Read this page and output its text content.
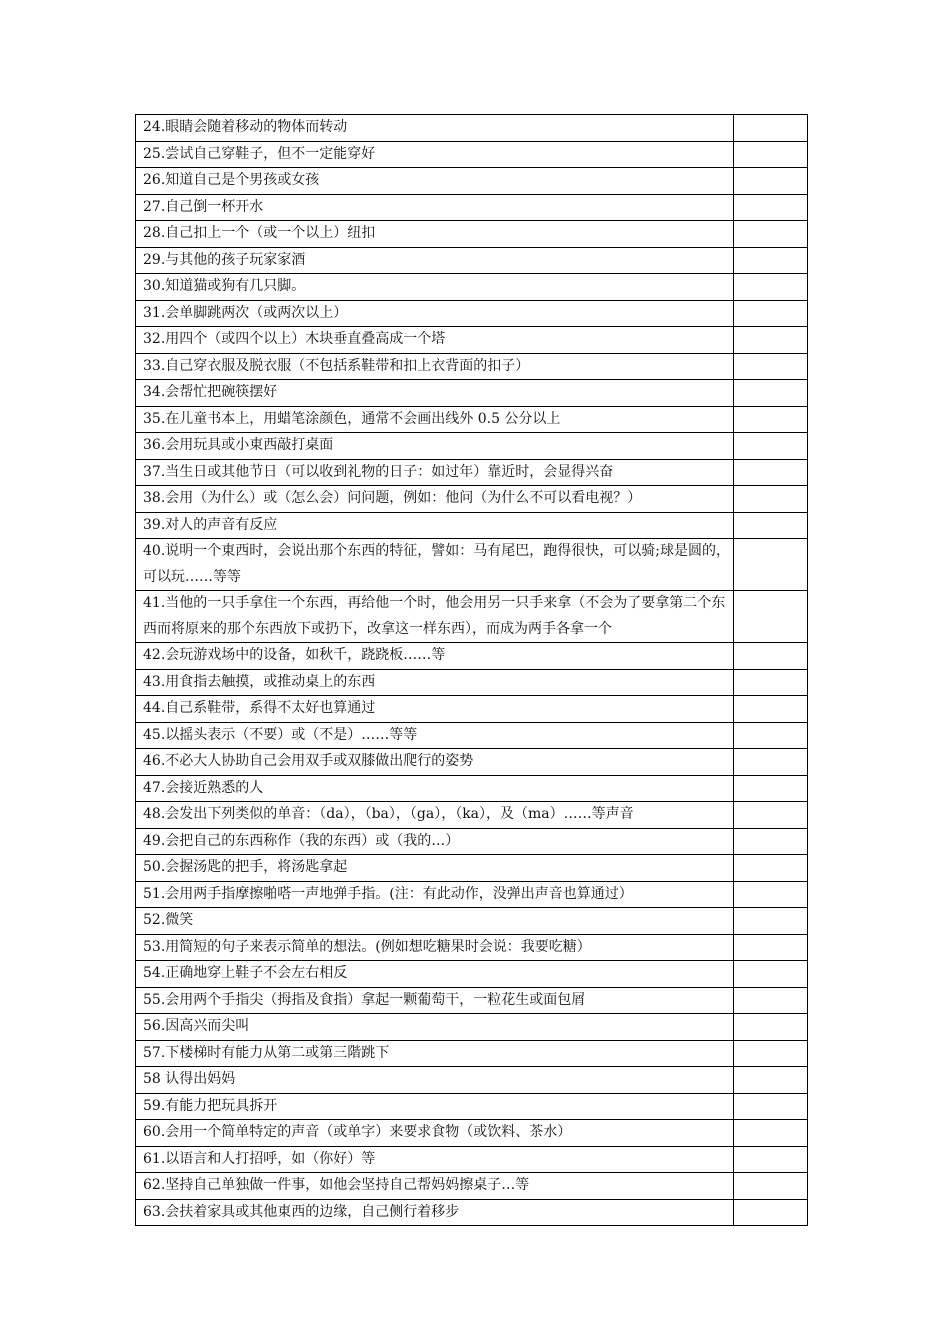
24.眼睛会随着移动的物体而转动	
25.尝试自己穿鞋子，但不一定能穿好	
26.知道自己是个男孩或女孩	
27.自己倒一杯开水	
28.自己扣上一个（或一个以上）纽扣	
29.与其他的孩子玩家家酒	
30.知道猫或狗有几只脚。	
31.会单脚跳两次（或两次以上）	
32.用四个（或四个以上）木块垂直叠高成一个塔	
33.自己穿衣服及脱衣服（不包括系鞋带和扣上衣背面的扣子）	
34.会帮忙把碗筷摆好	
35.在儿童书本上，用蜡笔涂颜色，通常不会画出线外 0.5 公分以上	
36.会用玩具或小東西敲打桌面	
37.当生日或其他节日（可以收到礼物的日子：如过年）靠近时，会显得兴奋	
38.会用（为什么）或（怎么会）问问题，例如：他问（为什么不可以看电视？）	
39.对人的声音有反应	
40.说明一个東西时，会说出那个东西的特征，譬如：马有尾巴，跑得很快，可以骑;球是圆的，可以玩……等等	
41.当他的一只手拿住一个东西，再给他一个时，他会用另一只手来拿（不会为了要拿第二个东西而将原来的那个东西放下或扔下，改拿这一样东西），而成为两手各拿一个	
42.会玩游戏场中的设备，如秋千，跷跷板……等	
43.用食指去触摸，或推动桌上的东西	
44.自己系鞋带，系得不太好也算通过	
45.以摇头表示（不要）或（不是）……等等	
46.不必大人协助自己会用双手或双膝做出爬行的姿势	
47.会接近熟悉的人	
48.会发出下列类似的单音：（da），（ba），（ga），（ka），及（ma）……等声音	
49.会把自己的东西称作（我的东西）或（我的…）	
50.会握汤匙的把手，将汤匙拿起	
51.会用两手指摩擦啪嗒一声地弹手指。(注：有此动作，没弹出声音也算通过）	
52.微笑	
53.用简短的句子来表示简单的想法。(例如想吃糖果时会说：我要吃糖）	
54.正确地穿上鞋子不会左右相反	
55.会用两个手指尖（拇指及食指）拿起一颗葡萄干，一粒花生或面包屑	
56.因高兴而尖叫	
57.下楼梯时有能力从第二或第三階跳下	
58 认得出妈妈	
59.有能力把玩具拆开	
60.会用一个简单特定的声音（或单字）来要求食物（或饮料、茶水）	
61.以语言和人打招呼，如（你好）等	
62.坚持自己单独做一件事，如他会坚持自己帮妈妈擦桌子…等	
63.会扶着家具或其他東西的边缘，自己侧行着移步	
